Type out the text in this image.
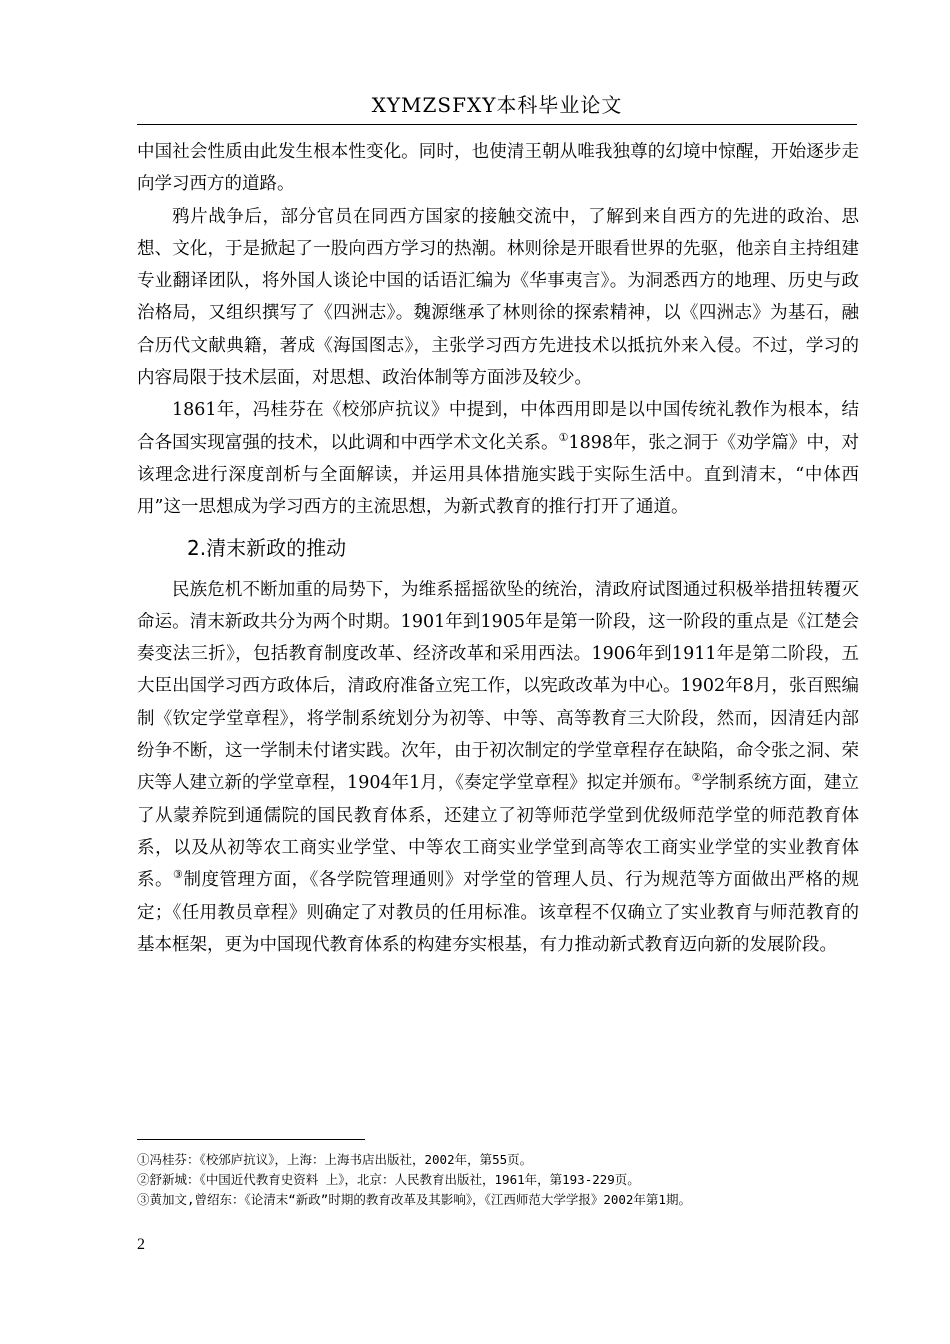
XYMZSFXY本科毕业论文

中国社会性质由此发生根本性变化。同时，也使清王朝从唯我独尊的幻境中惊醒，开始逐步走向学习西方的道路。

鸦片战争后，部分官员在同西方国家的接触交流中，了解到来自西方的先进的政治、思想、文化，于是掀起了一股向西方学习的热潮。林则徐是开眼看世界的先驱，他亲自主持组建专业翻译团队，将外国人谈论中国的话语汇编为《华事夷言》。为洞悉西方的地理、历史与政治格局，又组织撰写了《四洲志》。魏源继承了林则徐的探索精神，以《四洲志》为基石，融合历代文献典籍，著成《海国图志》，主张学习西方先进技术以抵抗外来入侵。不过，学习的内容局限于技术层面，对思想、政治体制等方面涉及较少。

1861年，冯桂芬在《校邠庐抗议》中提到，中体西用即是以中国传统礼教作为根本，结合各国实现富强的技术，以此调和中西学术文化关系。①1898年，张之洞于《劝学篇》中，对该理念进行深度剖析与全面解读，并运用具体措施实践于实际生活中。直到清末，“中体西用”这一思想成为学习西方的主流思想，为新式教育的推行打开了通道。

2.清末新政的推动

民族危机不断加重的局势下，为维系摇摇欲坠的统治，清政府试图通过积极举措扭转覆灭命运。清末新政共分为两个时期。1901年到1905年是第一阶段，这一阶段的重点是《江楚会奏变法三折》，包括教育制度改革、经济改革和采用西法。1906年到1911年是第二阶段，五大臣出国学习西方政体后，清政府准备立宪工作，以宪政改革为中心。1902年8月，张百熙编制《钦定学堂章程》，将学制系统划分为初等、中等、高等教育三大阶段，然而，因清廷内部纷争不断，这一学制未付诸实践。次年，由于初次制定的学堂章程存在缺陷，命令张之洞、荣庆等人建立新的学堂章程，1904年1月，《奏定学堂章程》拟定并颁布。②学制系统方面，建立了从蒙养院到通儒院的国民教育体系，还建立了初等师范学堂到优级师范学堂的师范教育体系，以及从初等农工商实业学堂、中等农工商实业学堂到高等农工商实业学堂的实业教育体系。③制度管理方面，《各学院管理通则》对学堂的管理人员、行为规范等方面做出严格的规定；《任用教员章程》则确定了对教员的任用标准。该章程不仅确立了实业教育与师范教育的基本框架，更为中国现代教育体系的构建夯实根基，有力推动新式教育迈向新的发展阶段。

①冯桂芬：《校邠庐抗议》，上海：上海书店出版社，2002年，第55页。
②舒新城：《中国近代教育史资料 上》，北京：人民教育出版社，1961年，第193-229页。
③黄加文,曾绍东：《论清末“新政”时期的教育改革及其影响》，《江西师范大学学报》2002年第1期。
2
